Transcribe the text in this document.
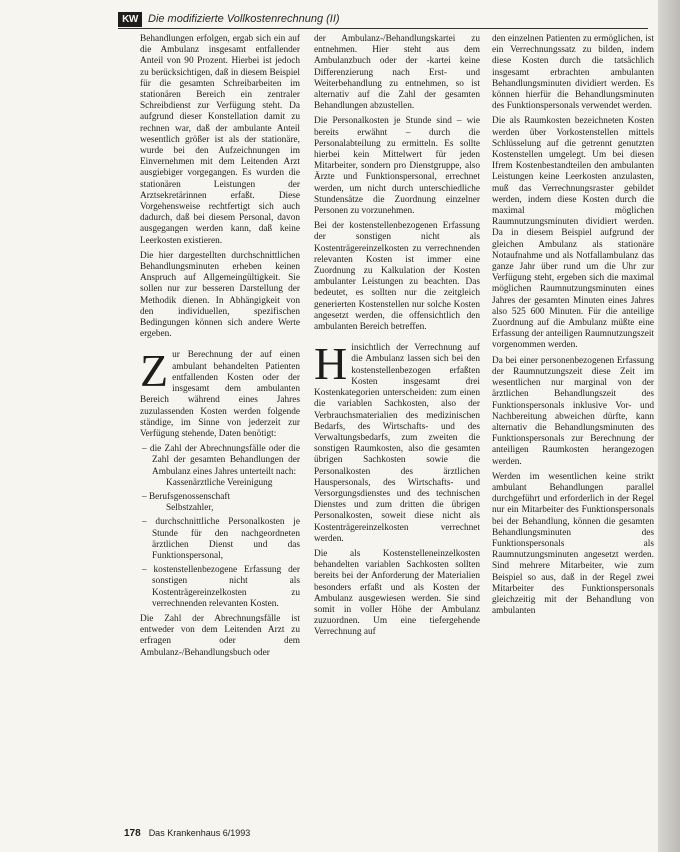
KW Die modifizierte Vollkostenrechnung (II)

Behandlungen erfolgen, ergab sich ein auf die Ambulanz insgesamt entfallender Anteil von 90 Prozent. Hierbei ist jedoch zu berücksichtigen, daß in diesem Beispiel für die gesamten Schreibarbeiten im stationären Bereich ein zentraler Schreibdienst zur Verfügung steht. Da aufgrund dieser Konstellation damit zu rechnen war, daß der ambulante Anteil wesentlich größer ist als der stationäre, wurde bei den Aufzeichnungen im Einvernehmen mit dem Leitenden Arzt ausgiebiger vorgegangen. Es wurden die stationären Leistungen der Arztsekretärinnen erfaßt. Diese Vorgehensweise rechtfertigt sich auch dadurch, daß bei diesem Personal, davon ausgegangen werden kann, daß keine Leerkosten existieren.

Die hier dargestellten durchschnittlichen Behandlungsminuten erheben keinen Anspruch auf Allgemeingültigkeit. Sie sollen nur zur besseren Darstellung der Methodik dienen. In Abhängigkeit von den individuellen, spezifischen Bedingungen können sich andere Werte ergeben.

Zur Berechnung der auf einen ambulant behandelten Patienten entfallenden Kosten oder der insgesamt dem ambulanten Bereich während eines Jahres zuzulassenden Kosten werden folgende ständige, im Sinne von jederzeit zur Verfügung stehende, Daten benötigt:

– die Zahl der Abrechnungsfälle oder die Zahl der gesamten Behandlungen der Ambulanz eines Jahres unterteilt nach:
Kassenärztliche Vereinigung
– Berufsgenossenschaft
Selbstzahler,
– durchschnittliche Personalkosten je Stunde für den nachgeordneten ärztlichen Dienst und das Funktionspersonal,
– kostenstellenbezogene Erfassung der sonstigen nicht als Kostenträgereinzelkosten zu verrechnenden relevanten Kosten.

Die Zahl der Abrechnungsfälle ist entweder von dem Leitenden Arzt zu erfragen oder dem Ambulanz-/Behandlungsbuch oder

der Ambulanz-/Behandlungskartei zu entnehmen. Hier steht aus dem Ambulanzbuch oder der -kartei keine Differenzierung nach Erst- und Weiterbehandlung zu entnehmen, so ist alternativ auf die Zahl der gesamten Behandlungen abzustellen.

Die Personalkosten je Stunde sind – wie bereits erwähnt – durch die Personalabteilung zu ermitteln. Es sollte hierbei kein Mittelwert für jeden Mitarbeiter, sondern pro Dienstgruppe, also Ärzte und Funktionspersonal, errechnet werden, um nicht durch unterschiedliche Stundensätze die Zuordnung einzelner Personen zu vorzunehmen.

Bei der kostenstellenbezogenen Erfassung der sonstigen nicht als Kostenträgereinzelkosten zu verrechnenden relevanten Kosten ist immer eine Zuordnung zu Kalkulation der Kosten ambulanter Leistungen zu beachten. Das bedeutet, es sollten nur die zeitgleich generierten Kostenstellen nur solche Kosten angesetzt werden, die offensichtlich den ambulanten Bereich betreffen.

Hinsichtlich der Verrechnung auf die Ambulanz lassen sich bei den kostenstellenbezogen erfaßten Kosten insgesamt drei Kostenkategorien unterscheiden: zum einen die variablen Sachkosten, also der Verbrauchsmaterialien des medizinischen Bedarfs, des Wirtschafts- und des Verwaltungsbedarfs, zum zweiten die sonstigen Raumkosten, also die gesamten übrigen Sachkosten sowie die Personalkosten des ärztlichen Hauspersonals, des Wirtschafts- und Versorgungsdienstes und des technischen Dienstes und zum dritten die übrigen Personalkosten, soweit diese nicht als Kostenträgereinzelkosten verrechnet werden.

Die als Kostenstelleneinzelkosten behandelten variablen Sachkosten sollten bereits bei der Anforderung der Materialien besonders erfaßt und als Kosten der Ambulanz ausgewiesen werden. Sie sind somit in voller Höhe der Ambulanz zuzuordnen. Um eine tiefergehende Verrechnung auf

den einzelnen Patienten zu ermöglichen, ist ein Verrechnungssatz zu bilden, indem diese Kosten durch die tatsächlich insgesamt erbrachten ambulanten Behandlungsminuten dividiert werden. Es können hierfür die Behandlungsminuten des Funktionspersonals verwendet werden.

Die als Raumkosten bezeichneten Kosten werden über Vorkostenstellen mittels Schlüsselung auf die getrennt genutzten Kostenstellen umgelegt. Um bei diesen Ifrem Kostenbestandteilen den ambulanten Leistungen keine Leerkosten anzulasten, muß das Verrechnungsraster gebildet werden, indem diese Kosten durch die maximal möglichen Raumnutzungsminuten dividiert werden. Da in diesem Beispiel aufgrund der gleichen Ambulanz als stationäre Notaufnahme und als Notfallambulanz das ganze Jahr über rund um die Uhr zur Verfügung steht, ergeben sich die maximal möglichen Raumnutzungsminuten eines Jahres der gesamten Minuten eines Jahres also 525 600 Minuten. Für die anteilige Zuordnung auf die Ambulanz müßte eine Erfassung der anteiligen Raumnutzungszeit vorgenommen werden.

Da bei einer personenbezogenen Erfassung der Raumnutzungszeit diese Zeit im wesentlichen nur marginal von der ärztlichen Behandlungszeit des Funktionspersonals inklusive Vor- und Nachbereitung abweichen dürfte, kann alternativ die Behandlungsminuten des Funktionspersonals zur Berechnung der anteiligen Raumkosten herangezogen werden.

Werden im wesentlichen keine strikt ambulant Behandlungen parallel durchgeführt und erforderlich in der Regel nur ein Mitarbeiter des Funktionspersonals bei der Behandlung, können die gesamten Behandlungsminuten des Funktionspersonals als Raumnutzungsminuten angesetzt werden. Sind mehrere Mitarbeiter, wie zum Beispiel so aus, daß in der Regel zwei Mitarbeiter des Funktionspersonals gleichzeitig mit der Behandlung von ambulanten

178 Das Krankenhaus 6/1993
